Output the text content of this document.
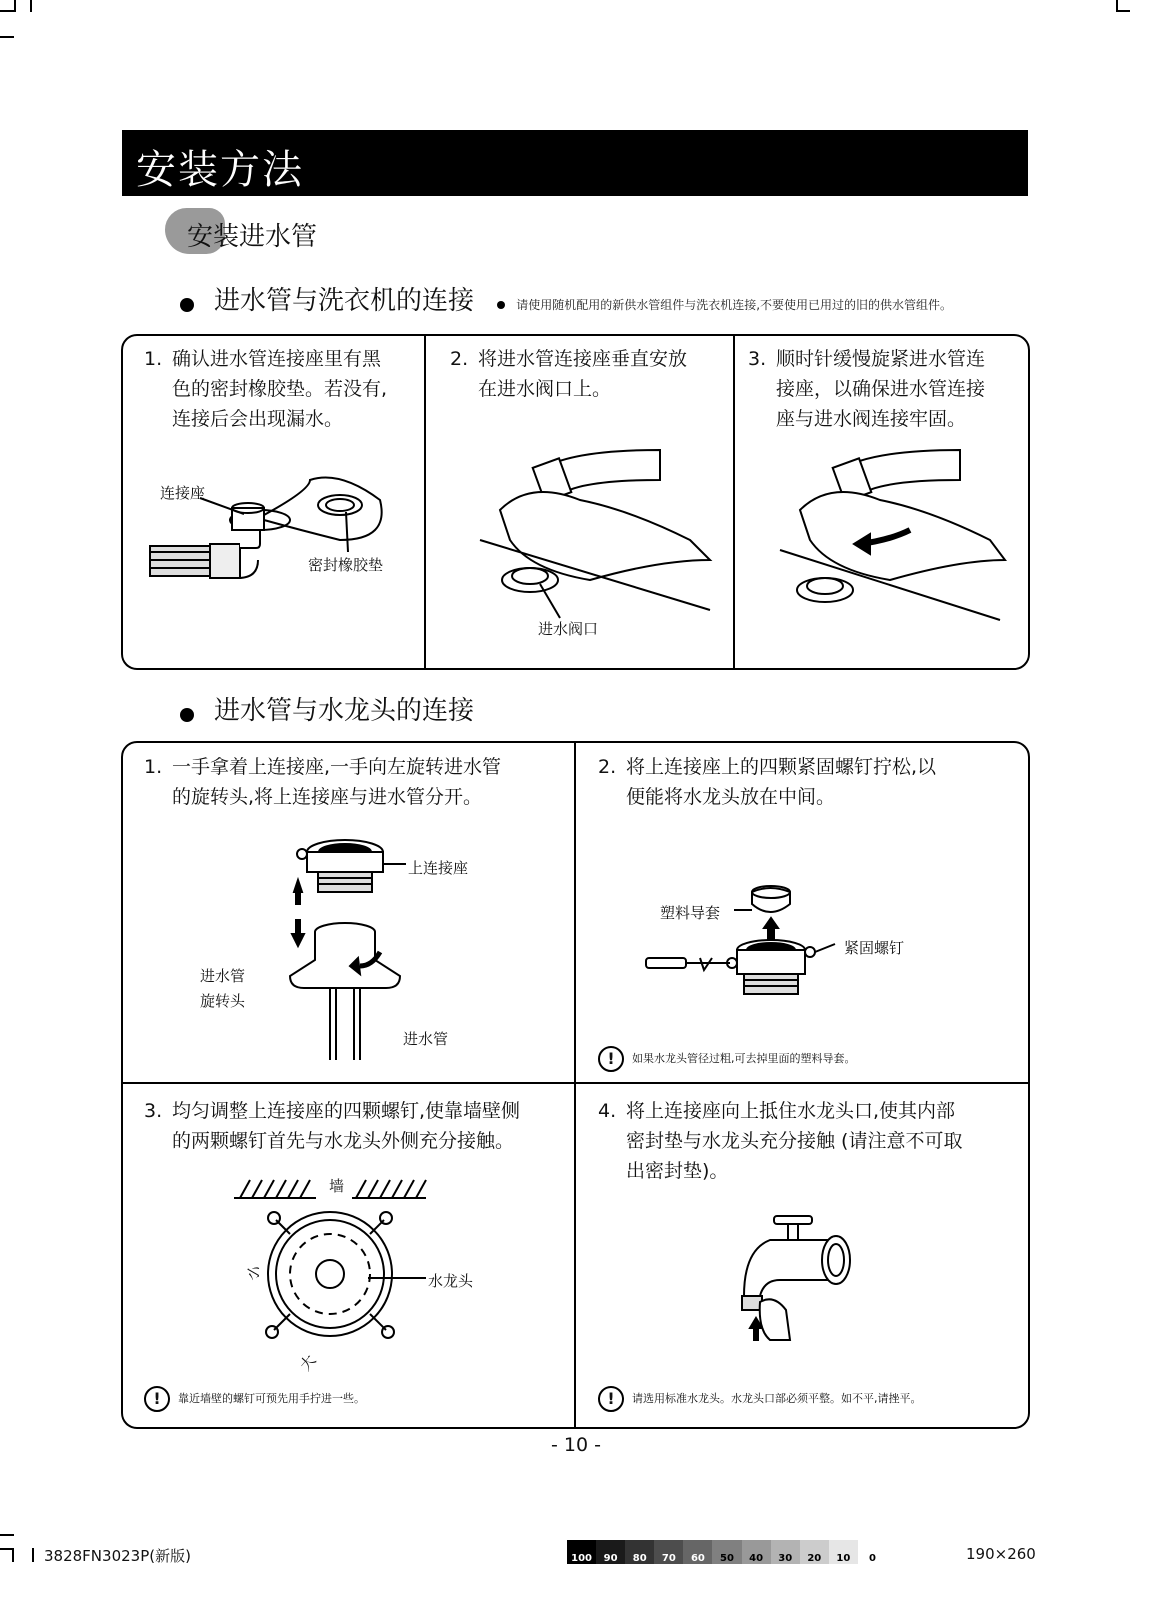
安装方法
安装进水管
进水管与洗衣机的连接	请使用随机配用的新供水管组件与洗衣机连接,不要使用已用过的旧的供水管组件。
1. 确认进水管连接座里有黑
色的密封橡胶垫。若没有,
连接后会出现漏水。
2. 将进水管连接座垂直安放
在进水阀口上。
3. 顺时针缓慢旋紧进水管连
接座，以确保进水管连接
座与进水阀连接牢固。
连接座
密封橡胶垫
进水阀口
进水管与水龙头的连接
1. 一手拿着上连接座,一手向左旋转进水管
的旋转头,将上连接座与进水管分开。
2. 将上连接座上的四颗紧固螺钉拧松,以
便能将水龙头放在中间。
3. 均匀调整上连接座的四颗螺钉,使靠墙壁侧
的两颗螺钉首先与水龙头外侧充分接触。
4. 将上连接座向上抵住水龙头口,使其内部
密封垫与水龙头充分接触 (请注意不可取
出密封垫)。
上连接座
进水管
旋转头
进水管
塑料导套
紧固螺钉
! 如果水龙头管径过粗,可去掉里面的塑料导套。
墙
水龙头
小
大
! 靠近墙壁的螺钉可预先用手拧进一些。	! 请选用标准水龙头。水龙头口部必须平整。如不平,请挫平。
- 10 -
3828FN3023P(新版)	190×260
100	90	80	70	60	50	40	30	20	10	0
